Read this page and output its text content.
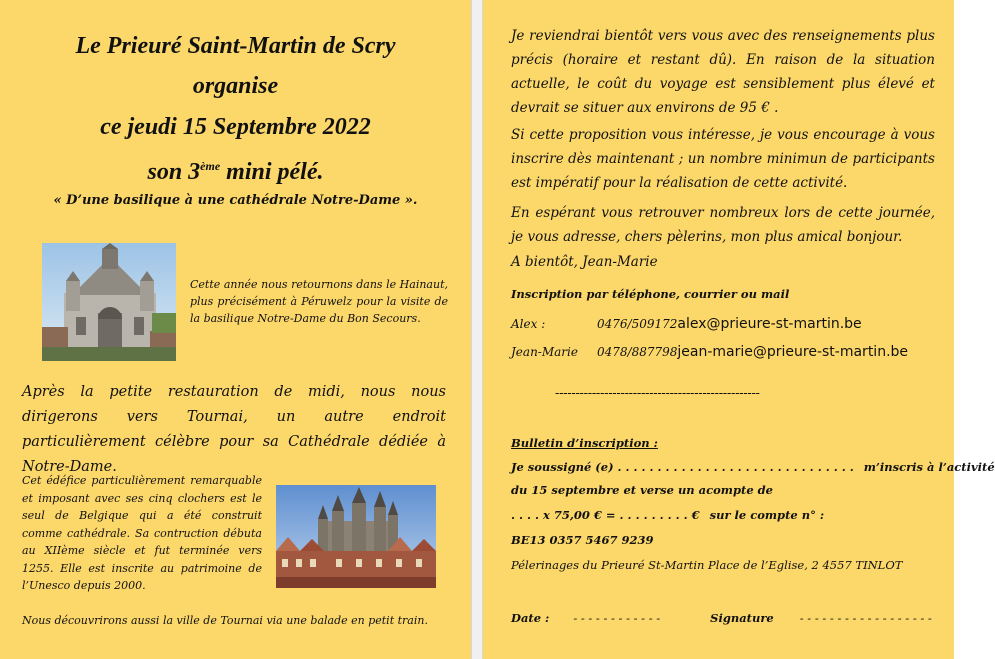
Le Prieuré Saint-Martin de Scry
organise
ce jeudi 15 Septembre 2022
son 3ème mini pélé.
« D’une basilique à une cathédrale Notre-Dame ».
Cette année nous retournons dans le Hainaut, plus précisément à Péruwelz pour la visite de la basilique Notre-Dame du Bon Secours.
Après la petite restauration de midi, nous nous dirigerons vers Tournai, un autre endroit particulièrement célèbre pour sa Cathédrale dédiée à Notre-Dame.
Cet édéfice particulièrement remarquable et imposant avec ses cinq clochers est le seul de Belgique qui a été construit comme cathédrale. Sa contruction débuta au XIIème siècle et fut terminée vers 1255. Elle est inscrite au patrimoine de l’Unesco depuis 2000.
Nous découvrirons aussi la ville de Tournai via une balade en petit train.
Je reviendrai bientôt vers vous avec des renseignements plus précis (horaire et restant dû). En raison de la situation actuelle, le coût du voyage est sensiblement plus élevé et devrait se situer aux environs de 95 € .
Si cette proposition vous intéresse, je vous encourage à vous inscrire dès maintenant ; un nombre minimun de participants est impératif pour la réalisation de cette activité.
En espérant vous retrouver nombreux lors de cette journée, je vous adresse, chers pèlerins, mon plus amical bonjour.
A bientôt, Jean-Marie
Inscription par téléphone, courrier ou mail
Alex :	0476/509172alex@prieure-st-martin.be
Jean-Marie 0478/887798jean-marie@prieure-st-martin.be
--------------------------------------------------
Bulletin d’inscription :
Je soussigné (e) . . . . . . . . . . . . . . . . . . . . . . . . . . . . . . m’inscris à l’activité
du 15 septembre et verse un acompte de
. . . . x 75,00 € = . . . . . . . . . € sur le compte n° :
BE13 0357 5467 9239
Pélerinages du Prieuré St-Martin Place de l’Eglise, 2 4557 TINLOT
Date : - - - - - - - - - - - -	Signature - - - - - - - - - - - - - - - - - -
